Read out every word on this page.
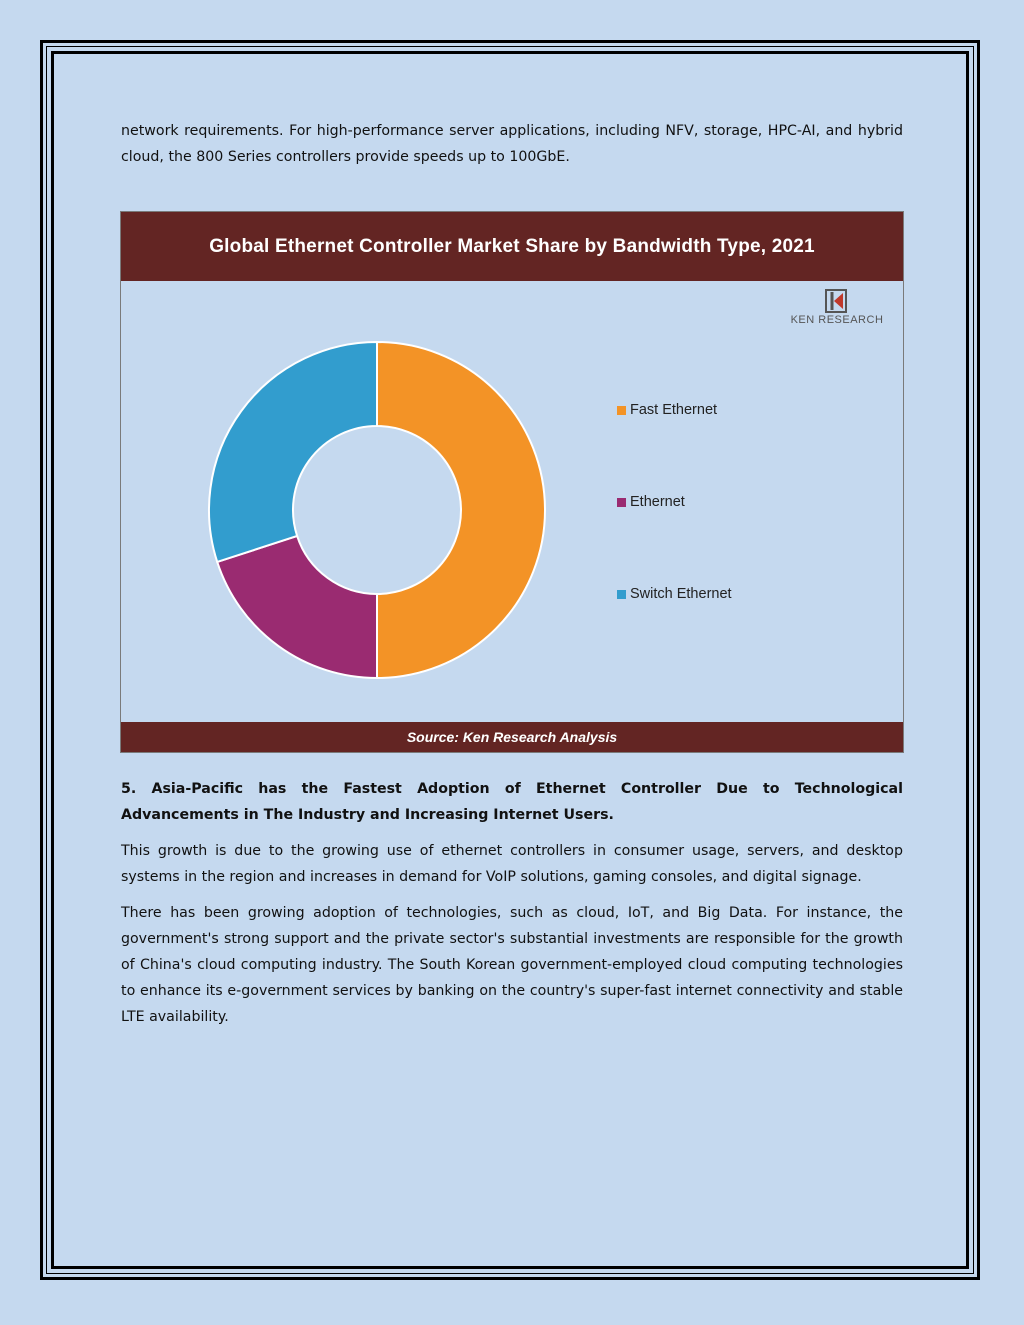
network requirements. For high-performance server applications, including NFV, storage, HPC-AI, and hybrid cloud, the 800 Series controllers provide speeds up to 100GbE.

Global Ethernet Controller Market Share by Bandwidth Type, 2021
KEN RESEARCH
Fast Ethernet
Ethernet
Switch Ethernet
Source: Ken Research Analysis

5. Asia-Pacific has the Fastest Adoption of Ethernet Controller Due to Technological Advancements in The Industry and Increasing Internet Users.

This growth is due to the growing use of ethernet controllers in consumer usage, servers, and desktop systems in the region and increases in demand for VoIP solutions, gaming consoles, and digital signage.

There has been growing adoption of technologies, such as cloud, IoT, and Big Data. For instance, the government's strong support and the private sector's substantial investments are responsible for the growth of China's cloud computing industry. The South Korean government-employed cloud computing technologies to enhance its e-government services by banking on the country's super-fast internet connectivity and stable LTE availability.
